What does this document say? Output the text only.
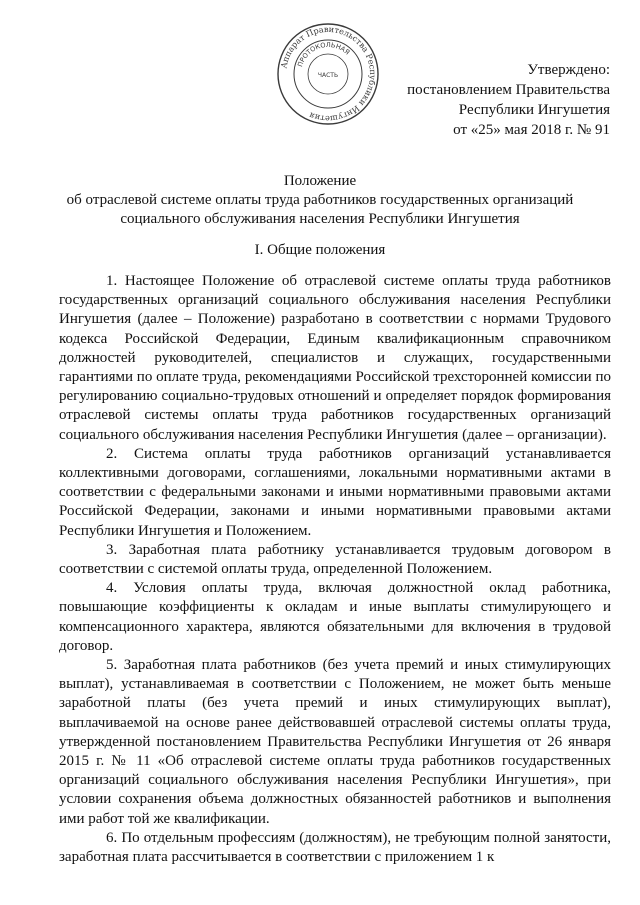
Аппарат Правительства Республики Ингушетия
ПРОТОКОЛЬНАЯ
ЧАСТЬ	Утверждено:
постановлением Правительства
Республики Ингушетия
от «25» мая 2018 г. № 91
Положение
об отраслевой системе оплаты труда работников государственных организаций
социального обслуживания населения Республики Ингушетия
I. Общие положения

1. Настоящее Положение об отраслевой системе оплаты труда работников государственных организаций социального обслуживания населения Республики Ингушетия (далее – Положение) разработано в соответствии с нормами Трудового кодекса Российской Федерации, Единым квалификационным справочником должностей руководителей, специалистов и служащих, государственными гарантиями по оплате труда, рекомендациями Российской трехсторонней комиссии по регулированию социально-трудовых отношений и определяет порядок формирования отраслевой системы оплаты труда работников государственных организаций социального обслуживания населения Республики Ингушетия (далее – организации).

2. Система оплаты труда работников организаций устанавливается коллективными договорами, соглашениями, локальными нормативными актами в соответствии с федеральными законами и иными нормативными правовыми актами Российской Федерации, законами и иными нормативными правовыми актами Республики Ингушетия и Положением.

3. Заработная плата работнику устанавливается трудовым договором в соответствии с системой оплаты труда, определенной Положением.

4. Условия оплаты труда, включая должностной оклад работника, повышающие коэффициенты к окладам и иные выплаты стимулирующего и компенсационного характера, являются обязательными для включения в трудовой договор.

5. Заработная плата работников (без учета премий и иных стимулирующих выплат), устанавливаемая в соответствии с Положением, не может быть меньше заработной платы (без учета премий и иных стимулирующих выплат), выплачиваемой на основе ранее действовавшей отраслевой системы оплаты труда, утвержденной постановлением Правительства Республики Ингушетия от 26 января 2015 г. № 11 «Об отраслевой системе оплаты труда работников государственных организаций социального обслуживания населения Республики Ингушетия», при условии сохранения объема должностных обязанностей работников и выполнения ими работ той же квалификации.

6. По отдельным профессиям (должностям), не требующим полной занятости, заработная плата рассчитывается в соответствии с приложением 1 к
